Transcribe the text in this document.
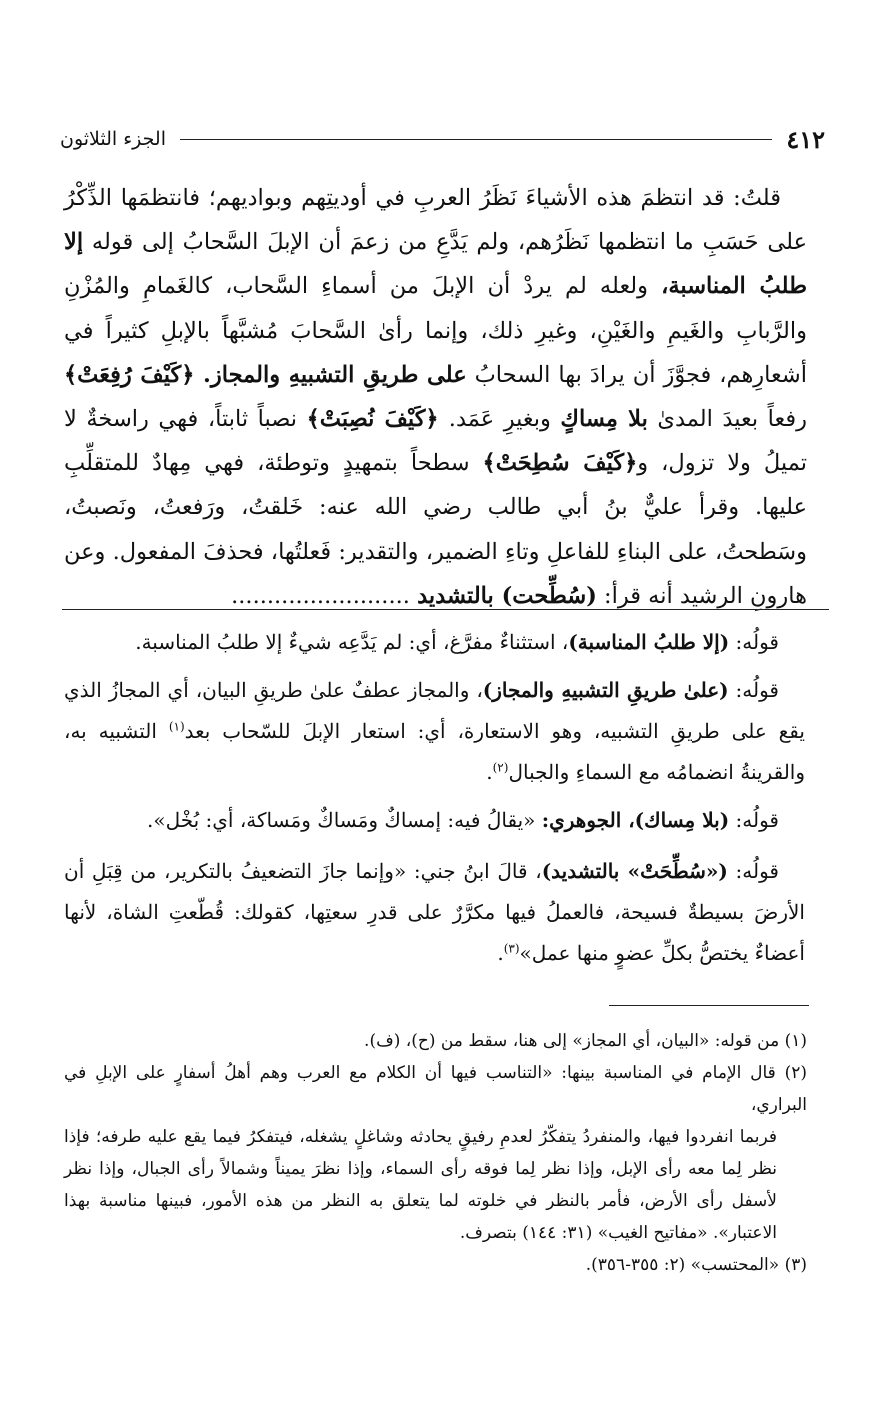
٤١٢
الجزء الثلاثون

قلتُ: قد انتظمَ هذه الأشياءَ نَظَرُ العربِ في أوديتِهم وبواديهم؛ فانتظمَها الذِّكْرُ على حَسَبِ ما انتظمها نَظَرُهم، ولم يَدَّعِ من زعمَ أن الإبلَ السَّحابُ إلى قوله إلا طلبُ المناسبة، ولعله لم يردْ أن الإبلَ من أسماءِ السَّحاب، كالغَمامِ والمُزْنِ والرَّبابِ والغَيمِ والغَيْنِ، وغيرِ ذلك، وإنما رأىٰ السَّحابَ مُشبَّهاً بالإبلِ كثيراً في أشعارِهم، فجوَّزَ أن يرادَ بها السحابُ على طريقِ التشبيهِ والمجاز. ﴿كَيْفَ رُفِعَتْ﴾ رفعاً بعيدَ المدىٰ بلا مِساكٍ وبغيرِ عَمَد. ﴿كَيْفَ نُصِبَتْ﴾ نصباً ثابتاً، فهي راسخةٌ لا تميلُ ولا تزول، و﴿كَيْفَ سُطِحَتْ﴾ سطحاً بتمهيدٍ وتوطئة، فهي مِهادٌ للمتقلِّبِ عليها. وقرأ عليٌّ بنُ أبي طالب رضي الله عنه: خَلقتُ، ورَفعتُ، ونَصبتُ، وسَطحتُ، على البناءِ للفاعلِ وتاءِ الضمير، والتقدير: فَعلتُها، فحذفَ المفعول. وعن هارونِ الرشيد أنه قرأ: (سُطِّحت) بالتشديد .........................

قولُه: (إلا طلبُ المناسبة)، استثناءٌ مفرَّغ، أي: لم يَدَّعِه شيءٌ إلا طلبُ المناسبة.

قولُه: (علىٰ طريقِ التشبيهِ والمجاز)، والمجاز عطفٌ علىٰ طريقِ البيان، أي المجازُ الذي يقع على طريقِ التشبيه، وهو الاستعارة، أي: استعار الإبلَ للسّحاب بعد$^{(١)}$ التشبيه به، والقرينةُ انضمامُه مع السماءِ والجبال$^{(٢)}$.

قولُه: (بلا مِساك)، الجوهري: «يقالُ فيه: إمساكٌ ومَساكٌ ومَساكة، أي: بُخْل».

قولُه: («سُطِّحَتْ» بالتشديد)، قالَ ابنُ جني: «وإنما جازَ التضعيفُ بالتكرير، من قِبَلِ أن الأرضَ بسيطةٌ فسيحة، فالعملُ فيها مكرَّرٌ على قدرِ سعتِها، كقولك: قُطّعتِ الشاة، لأنها أعضاءٌ يختصُّ بكلِّ عضوٍ منها عمل»$^{(٣)}$.

(١) من قوله: «البيان، أي المجاز» إلى هنا، سقط من (ح)، (ف).

(٢) قال الإمام في المناسبة بينها: «التناسب فيها أن الكلام مع العرب وهم أهلُ أسفارٍ على الإبلِ في البراري،

فربما انفردوا فيها، والمنفردُ يتفكّرُ لعدمِ رفيقٍ يحادثه وشاغلٍ يشغله، فيتفكرُ فيما يقع عليه طرفه؛ فإذا نظر لِما معه رأى الإبل، وإذا نظر لِما فوقه رأى السماء، وإذا نظرَ يميناً وشمالاً رأى الجبال، وإذا نظر لأسفل رأى الأرض، فأمر بالنظر في خلوته لما يتعلق به النظر من هذه الأمور، فبينها مناسبة بهذا الاعتبار». «مفاتيح الغيب» (٣١: ١٤٤) بتصرف.

(٣) «المحتسب» (٢: ٣٥٥-٣٥٦).
